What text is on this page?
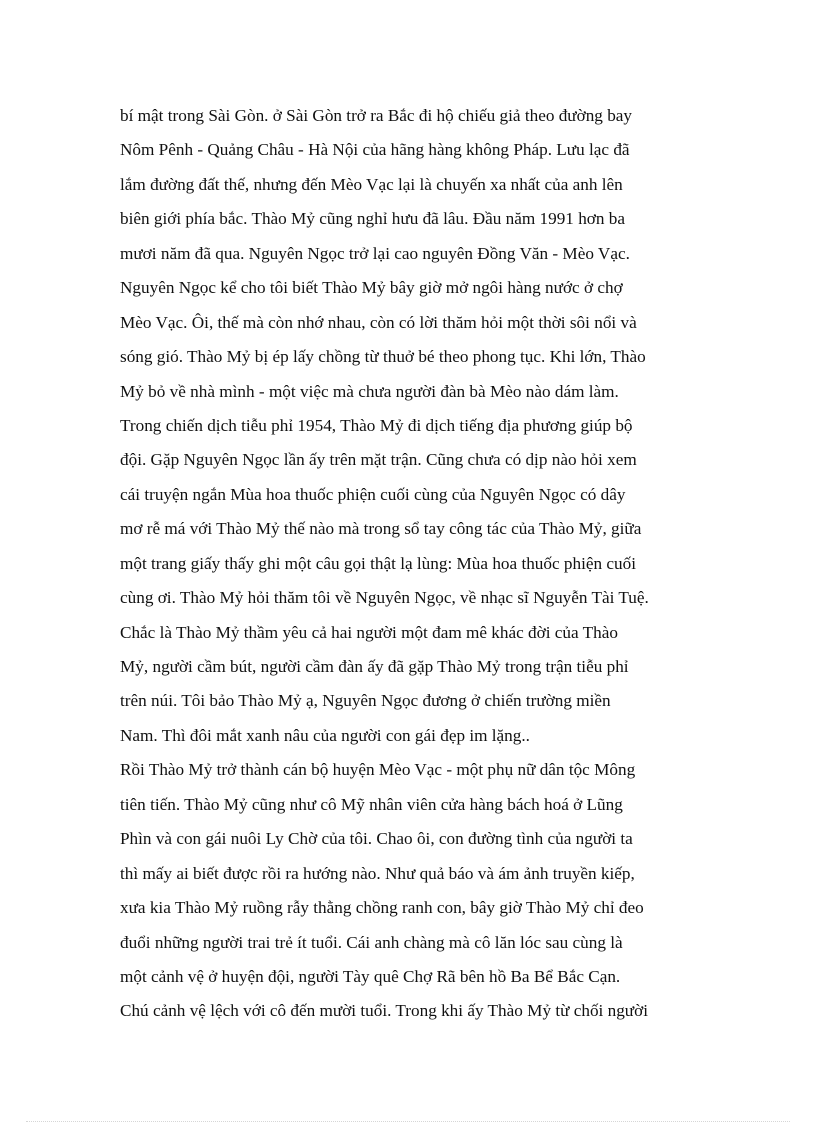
bí mật trong Sài Gòn. ở Sài Gòn trở ra Bắc đi hộ chiếu giả theo đường bay
Nôm Pênh - Quảng Châu - Hà Nội của hãng hàng không Pháp. Lưu lạc đã
lắm đường đất thế, nhưng đến Mèo Vạc lại là chuyến xa nhất của anh lên
biên giới phía bắc. Thào Mỷ cũng nghỉ hưu đã lâu. Đầu năm 1991 hơn ba
mươi năm đã qua. Nguyên Ngọc trở lại cao nguyên Đồng Văn - Mèo Vạc.
Nguyên Ngọc kể cho tôi biết Thào Mỷ bây giờ mở ngôi hàng nước ở chợ
Mèo Vạc. Ôi, thế mà còn nhớ nhau, còn có lời thăm hỏi một thời sôi nổi và
sóng gió. Thào Mỷ bị ép lấy chồng từ thuở bé theo phong tục. Khi lớn, Thào
Mỷ bỏ về nhà mình - một việc mà chưa người đàn bà Mèo nào dám làm.
Trong chiến dịch tiễu phỉ 1954, Thào Mỷ đi dịch tiếng địa phương giúp bộ
đội. Gặp Nguyên Ngọc lần ấy trên mặt trận. Cũng chưa có dịp nào hỏi xem
cái truyện ngắn Mùa hoa thuốc phiện cuối cùng của Nguyên Ngọc có dây
mơ rễ má với Thào Mỷ thế nào mà trong sổ tay công tác của Thào Mỷ, giữa
một trang giấy thấy ghi một câu gọi thật lạ lùng: Mùa hoa thuốc phiện cuối
cùng ơi. Thào Mỷ hỏi thăm tôi về Nguyên Ngọc, về nhạc sĩ Nguyễn Tài Tuệ.
Chắc là Thào Mỷ thầm yêu cả hai người một đam mê khác đời của Thào
Mỷ, người cầm bút, người cầm đàn ấy đã gặp Thào Mỷ trong trận tiễu phỉ
trên núi. Tôi bảo Thào Mỷ ạ, Nguyên Ngọc đương ở chiến trường miền
Nam. Thì đôi mắt xanh nâu của người con gái đẹp im lặng..
Rồi Thào Mỷ trở thành cán bộ huyện Mèo Vạc - một phụ nữ dân tộc Mông
tiên tiến. Thào Mỷ cũng như cô Mỹ nhân viên cửa hàng bách hoá ở Lũng
Phìn và con gái nuôi Ly Chờ của tôi. Chao ôi, con đường tình của người ta
thì mấy ai biết được rồi ra hướng nào. Như quả báo và ám ảnh truyền kiếp,
xưa kia Thào Mỷ ruồng rẫy thằng chồng ranh con, bây giờ Thào Mỷ chỉ đeo
đuổi những người trai trẻ ít tuổi. Cái anh chàng mà cô lăn lóc sau cùng là
một cảnh vệ ở huyện đội, người Tày quê Chợ Rã bên hồ Ba Bể Bắc Cạn.
Chú cảnh vệ lệch với cô đến mười tuổi. Trong khi ấy Thào Mỷ từ chối người
